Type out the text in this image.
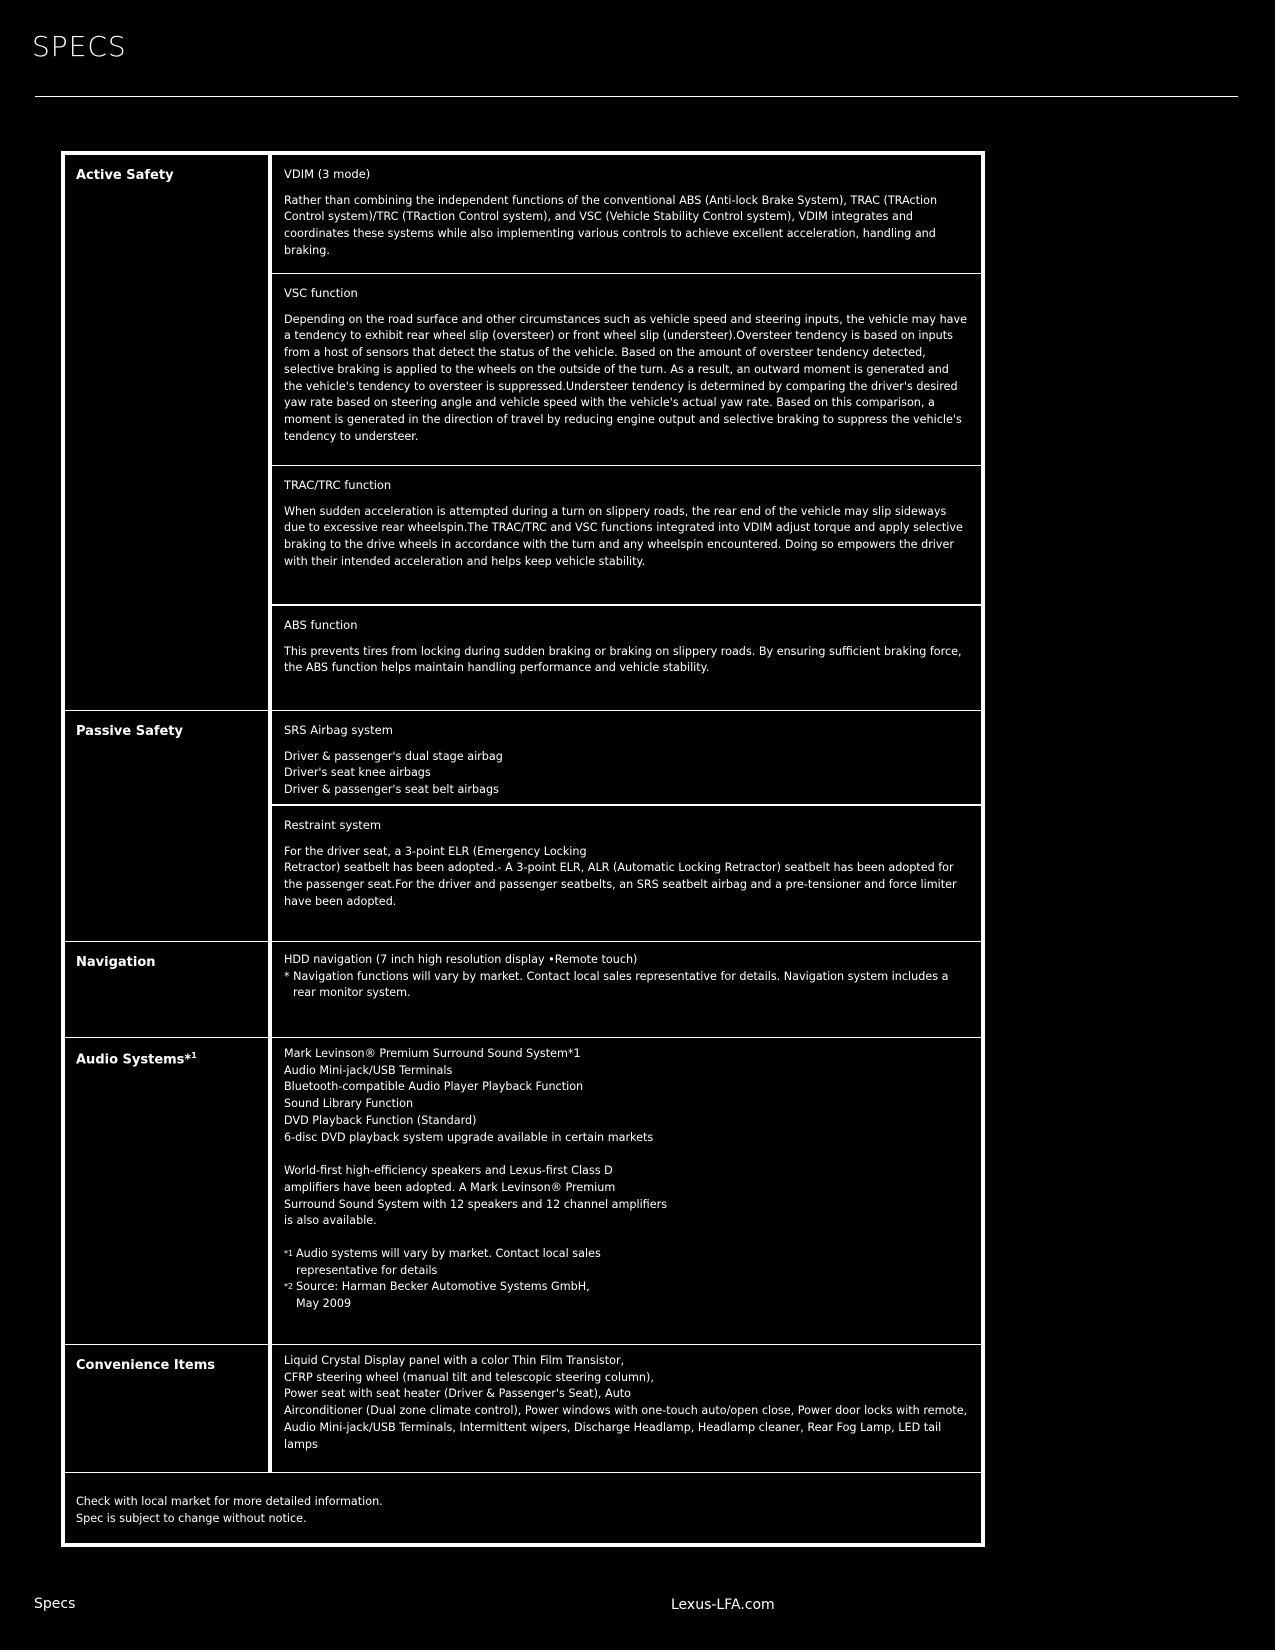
SPECS
Active Safety	VDIM (3 mode)

Rather than combining the independent functions of the conventional ABS (Anti-lock Brake System), TRAC (TRAction Control system)/TRC (TRaction Control system), and VSC (Vehicle Stability Control system), VDIM integrates and coordinates these systems while also implementing various controls to achieve excellent acceleration, handling and braking.

VSC function

Depending on the road surface and other circumstances such as vehicle speed and steering inputs, the vehicle may have a tendency to exhibit rear wheel slip (oversteer) or front wheel slip (understeer).Oversteer tendency is based on inputs from a host of sensors that detect the status of the vehicle. Based on the amount of oversteer tendency detected, selective braking is applied to the wheels on the outside of the turn. As a result, an outward moment is generated and the vehicle's tendency to oversteer is suppressed.Understeer tendency is determined by comparing the driver's desired yaw rate based on steering angle and vehicle speed with the vehicle's actual yaw rate. Based on this comparison, a moment is generated in the direction of travel by reducing engine output and selective braking to suppress the vehicle's tendency to understeer.

TRAC/TRC function

When sudden acceleration is attempted during a turn on slippery roads, the rear end of the vehicle may slip sideways due to excessive rear wheelspin.The TRAC/TRC and VSC functions integrated into VDIM adjust torque and apply selective braking to the drive wheels in accordance with the turn and any wheelspin encountered. Doing so empowers the driver with their intended acceleration and helps keep vehicle stability.

ABS function

This prevents tires from locking during sudden braking or braking on slippery roads. By ensuring sufficient braking force, the ABS function helps maintain handling performance and vehicle stability.

Passive Safety	SRS Airbag system
Driver & passenger's dual stage airbag
Driver's seat knee airbags
Driver & passenger's seat belt airbags
Restraint system
For the driver seat, a 3-point ELR (Emergency Locking
Retractor) seatbelt has been adopted.- A 3-point ELR, ALR (Automatic Locking Retractor) seatbelt has been adopted for the passenger seat.For the driver and passenger seatbelts, an SRS seatbelt airbag and a pre-tensioner and force limiter have been adopted.
Navigation	HDD navigation (7 inch high resolution display •Remote touch)
* Navigation functions will vary by market. Contact local sales representative for details. Navigation system includes a rear monitor system.
Audio Systems*$^1$	Mark Levinson® Premium Surround Sound System*1
Audio Mini-jack/USB Terminals
Bluetooth-compatible Audio Player Playback Function
Sound Library Function
DVD Playback Function (Standard)
6-disc DVD playback system upgrade available in certain markets
World-first high-efficiency speakers and Lexus-first Class D
amplifiers have been adopted. A Mark Levinson® Premium
Surround Sound System with 12 speakers and 12 channel amplifiers
is also available.
*1 Audio systems will vary by market. Contact local sales
representative for details
*2 Source: Harman Becker Automotive Systems GmbH,
May 2009
Convenience Items	Liquid Crystal Display panel with a color Thin Film Transistor,
CFRP steering wheel (manual tilt and telescopic steering column),
Power seat with seat heater (Driver & Passenger's Seat), Auto
Airconditioner (Dual zone climate control), Power windows with one-touch auto/open close, Power door locks with remote, Audio Mini-jack/USB Terminals, Intermittent wipers, Discharge Headlamp, Headlamp cleaner, Rear Fog Lamp, LED tail lamps
Check with local market for more detailed information.
Spec is subject to change without notice.
Specs	Lexus-LFA.com
